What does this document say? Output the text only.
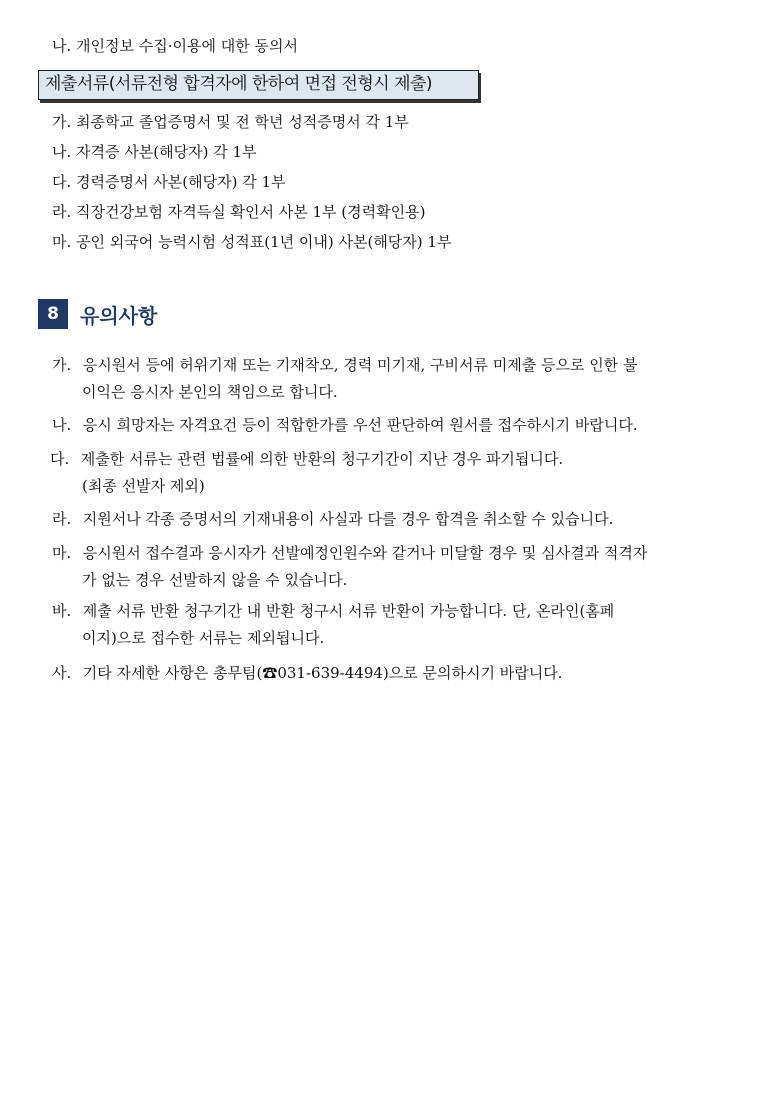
나. 개인정보 수집·이용에 대한 동의서
제출서류(서류전형 합격자에 한하여 면접 전형시 제출)
가. 최종학교 졸업증명서 및 전 학년 성적증명서 각 1부
나. 자격증 사본(해당자) 각 1부
다. 경력증명서 사본(해당자) 각 1부
라. 직장건강보험 자격득실 확인서 사본 1부 (경력확인용)
마. 공인 외국어 능력시험 성적표(1년 이내) 사본(해당자) 1부
8	유의사항
가. 응시원서 등에 허위기재 또는 기재착오, 경력 미기재, 구비서류 미제출 등으로 인한 불
이익은 응시자 본인의 책임으로 합니다.
나. 응시 희망자는 자격요건 등이 적합한가를 우선 판단하여 원서를 접수하시기 바랍니다.
다. 제출한 서류는 관련 법률에 의한 반환의 청구기간이 지난 경우 파기됩니다.
(최종 선발자 제외)
라. 지원서나 각종 증명서의 기재내용이 사실과 다를 경우 합격을 취소할 수 있습니다.
마. 응시원서 접수결과 응시자가 선발예정인원수와 같거나 미달할 경우 및 심사결과 적격자
가 없는 경우 선발하지 않을 수 있습니다.
바. 제출 서류 반환 청구기간 내 반환 청구시 서류 반환이 가능합니다. 단, 온라인(홈페
이지)으로 접수한 서류는 제외됩니다.
사. 기타 자세한 사항은 총무팀(☎031-639-4494)으로 문의하시기 바랍니다.
